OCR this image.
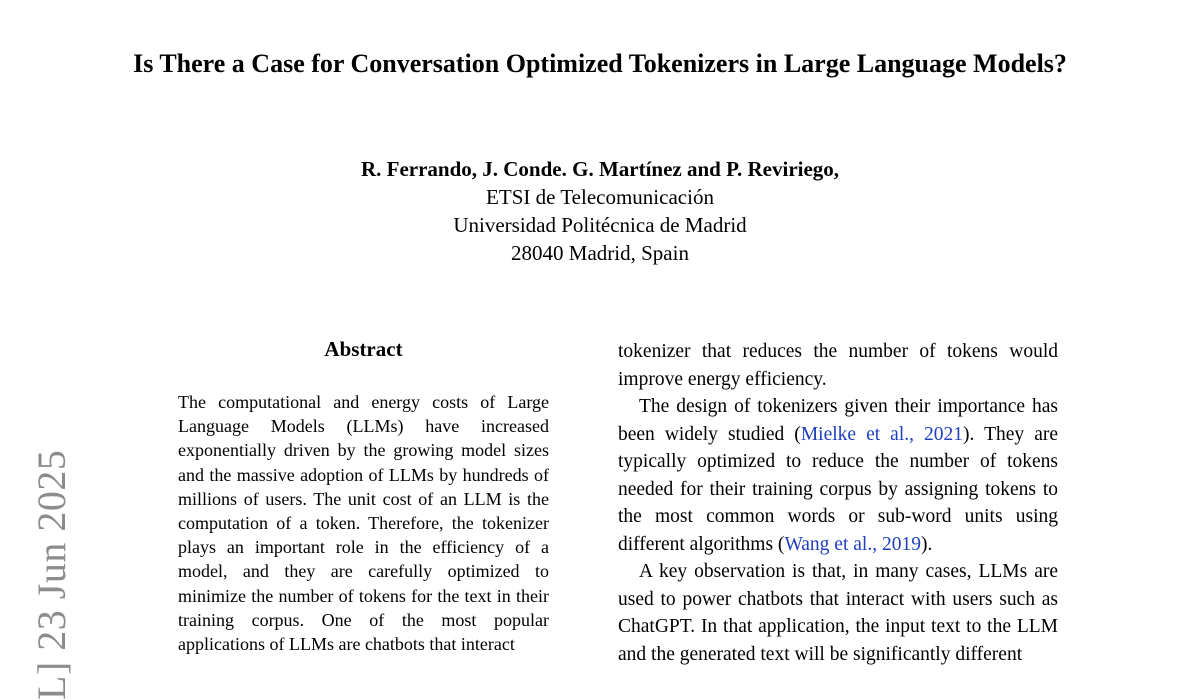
Is There a Case for Conversation Optimized Tokenizers in Large Language Models?
R. Ferrando, J. Conde. G. Martínez and P. Reviriego,
ETSI de Telecomunicación
Universidad Politécnica de Madrid
28040 Madrid, Spain
L] 23 Jun 2025
Abstract

The computational and energy costs of Large Language Models (LLMs) have increased exponentially driven by the growing model sizes and the massive adoption of LLMs by hundreds of millions of users. The unit cost of an LLM is the computation of a token. Therefore, the tokenizer plays an important role in the efficiency of a model, and they are carefully optimized to minimize the number of tokens for the text in their training corpus. One of the most popular applications of LLMs are chatbots that interact

tokenizer that reduces the number of tokens would improve energy efficiency.

The design of tokenizers given their importance has been widely studied (Mielke et al., 2021). They are typically optimized to reduce the number of tokens needed for their training corpus by assigning tokens to the most common words or sub-word units using different algorithms (Wang et al., 2019).

A key observation is that, in many cases, LLMs are used to power chatbots that interact with users such as ChatGPT. In that application, the input text to the LLM and the generated text will be significantly different
